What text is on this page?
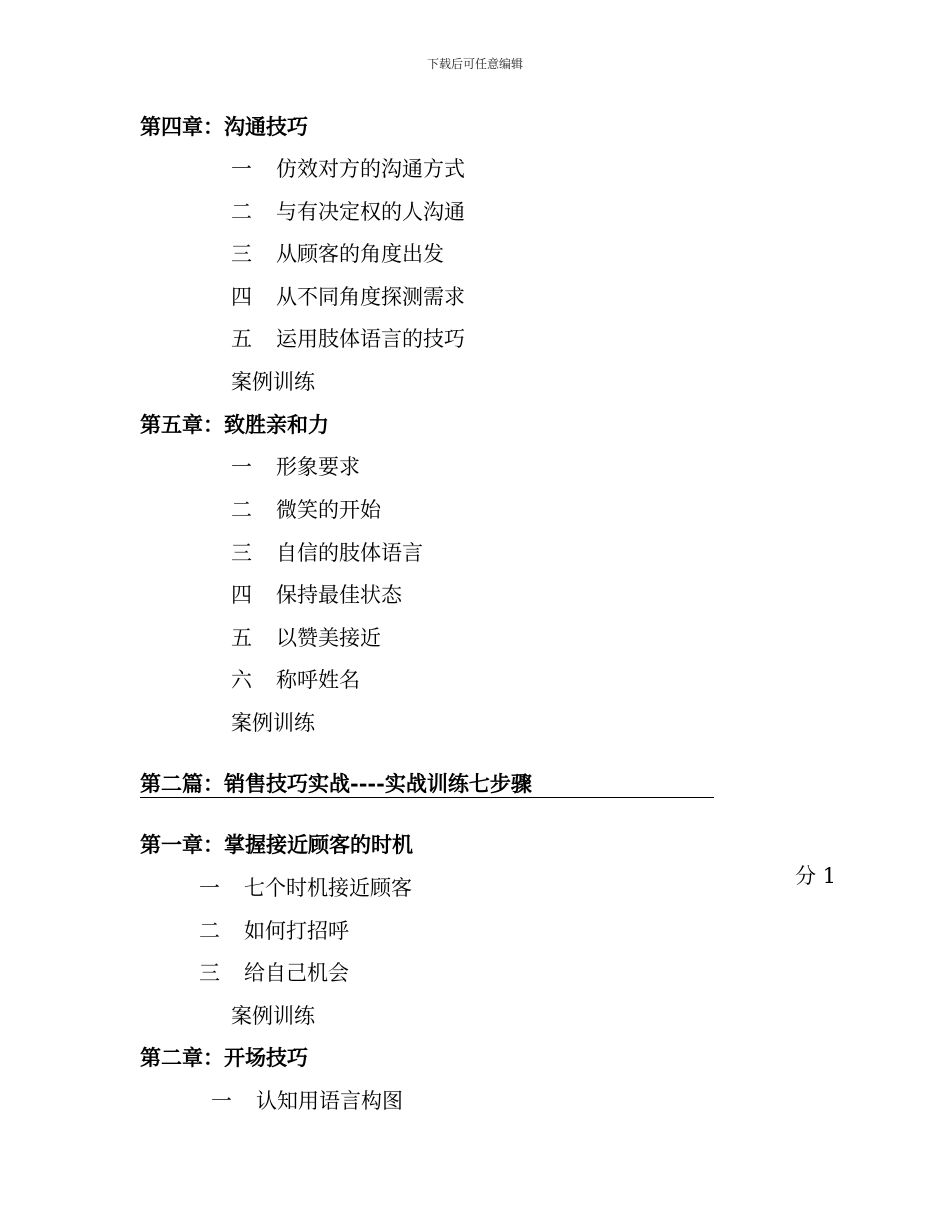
下载后可任意编辑
第四章：沟通技巧
一 仿效对方的沟通方式
二 与有决定权的人沟通
三 从顾客的角度出发
四 从不同角度探测需求
五 运用肢体语言的技巧
案例训练
第五章：致胜亲和力
一 形象要求
二 微笑的开始
三 自信的肢体语言
四 保持最佳状态
五 以赞美接近
六 称呼姓名
案例训练
第二篇：销售技巧实战----实战训练七步骤
第一章：掌握接近顾客的时机
一 七个时机接近顾客
二 如何打招呼
三 给自己机会
案例训练
第二章：开场技巧
一 认知用语言构图
分 1
